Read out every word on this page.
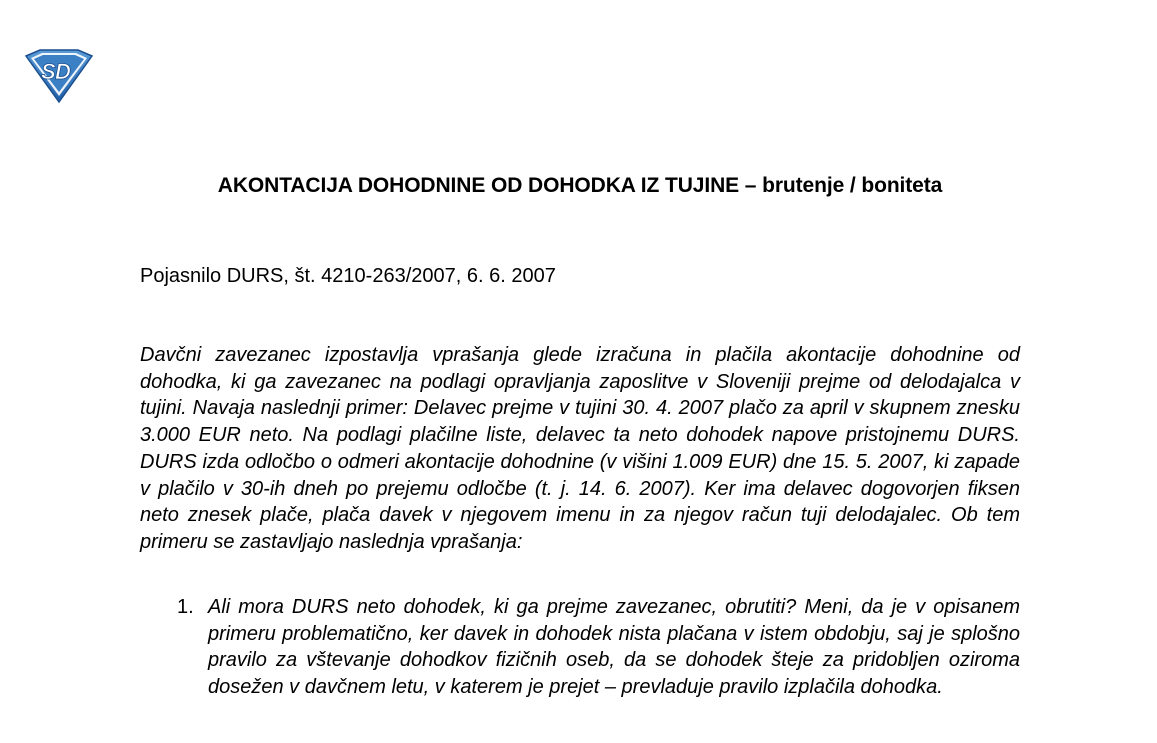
S D
AKONTACIJA DOHODNINE OD DOHODKA IZ TUJINE – brutenje / boniteta
Pojasnilo DURS, št. 4210-263/2007, 6. 6. 2007

Davčni zavezanec izpostavlja vprašanja glede izračuna in plačila akontacije dohodnine od dohodka, ki ga zavezanec na podlagi opravljanja zaposlitve v Sloveniji prejme od delodajalca v tujini. Navaja naslednji primer: Delavec prejme v tujini 30. 4. 2007 plačo za april v skupnem znesku 3.000 EUR neto. Na podlagi plačilne liste, delavec ta neto dohodek napove pristojnemu DURS. DURS izda odločbo o odmeri akontacije dohodnine (v višini 1.009 EUR) dne 15. 5. 2007, ki zapade v plačilo v 30-ih dneh po prejemu odločbe (t. j. 14. 6. 2007). Ker ima delavec dogovorjen fiksen neto znesek plače, plača davek v njegovem imenu in za njegov račun tuji delodajalec. Ob tem primeru se zastavljajo naslednja vprašanja:

1. Ali mora DURS neto dohodek, ki ga prejme zavezanec, obrutiti? Meni, da je v opisanem primeru problematično, ker davek in dohodek nista plačana v istem obdobju, saj je splošno pravilo za vštevanje dohodkov fizičnih oseb, da se dohodek šteje za pridobljen oziroma dosežen v davčnem letu, v katerem je prejet – prevladuje pravilo izplačila dohodka.
